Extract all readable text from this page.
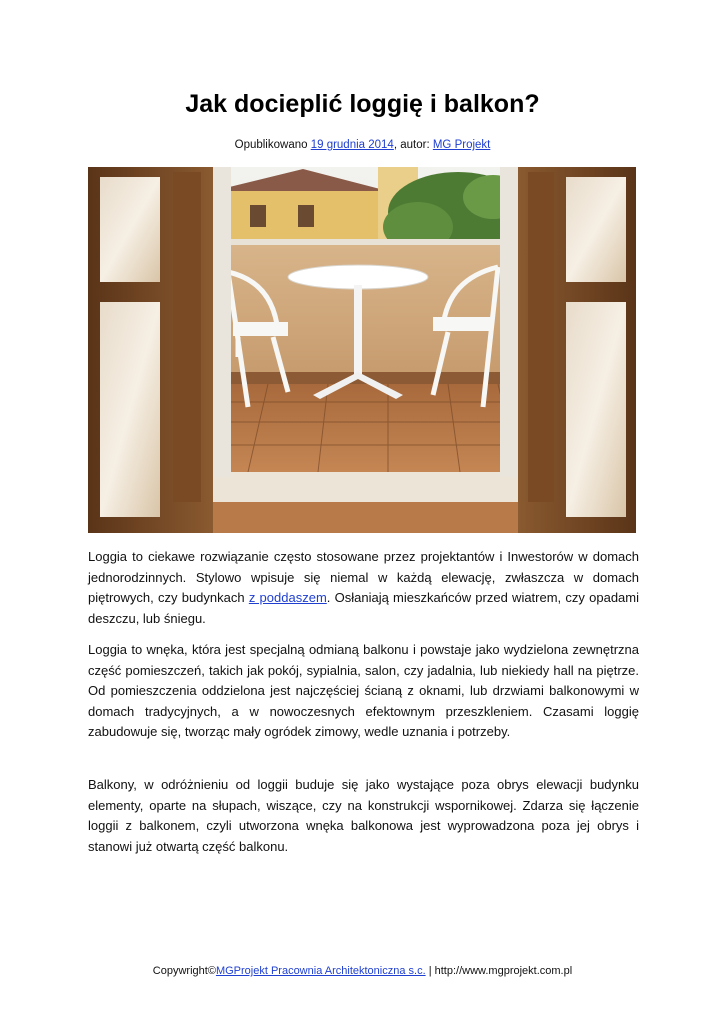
Jak docieplić loggię i balkon?
Opublikowano 19 grudnia 2014, autor: MG Projekt

Loggia to ciekawe rozwiązanie często stosowane przez projektantów i Inwestorów w domach jednorodzinnych. Stylowo wpisuje się niemal w każdą elewację, zwłaszcza w domach piętrowych, czy budynkach z poddaszem. Osłaniają mieszkańców przed wiatrem, czy opadami deszczu, lub śniegu.

Loggia to wnęka, która jest specjalną odmianą balkonu i powstaje jako wydzielona zewnętrzna część pomieszczeń, takich jak pokój, sypialnia, salon, czy jadalnia, lub niekiedy hall na piętrze. Od pomieszczenia oddzielona jest najczęściej ścianą z oknami, lub drzwiami balkonowymi w domach tradycyjnych, a w nowoczesnych efektownym przeszkleniem. Czasami loggię zabudowuje się, tworząc mały ogródek zimowy, wedle uznania i potrzeby.

Balkony, w odróżnieniu od loggii buduje się jako wystające poza obrys elewacji budynku elementy, oparte na słupach, wiszące, czy na konstrukcji wspornikowej. Zdarza się łączenie loggii z balkonem, czyli utworzona wnęka balkonowa jest wyprowadzona poza jej obrys i stanowi już otwartą część balkonu.

Copywright©MGProjekt Pracownia Architektoniczna s.c. | http://www.mgprojekt.com.pl
